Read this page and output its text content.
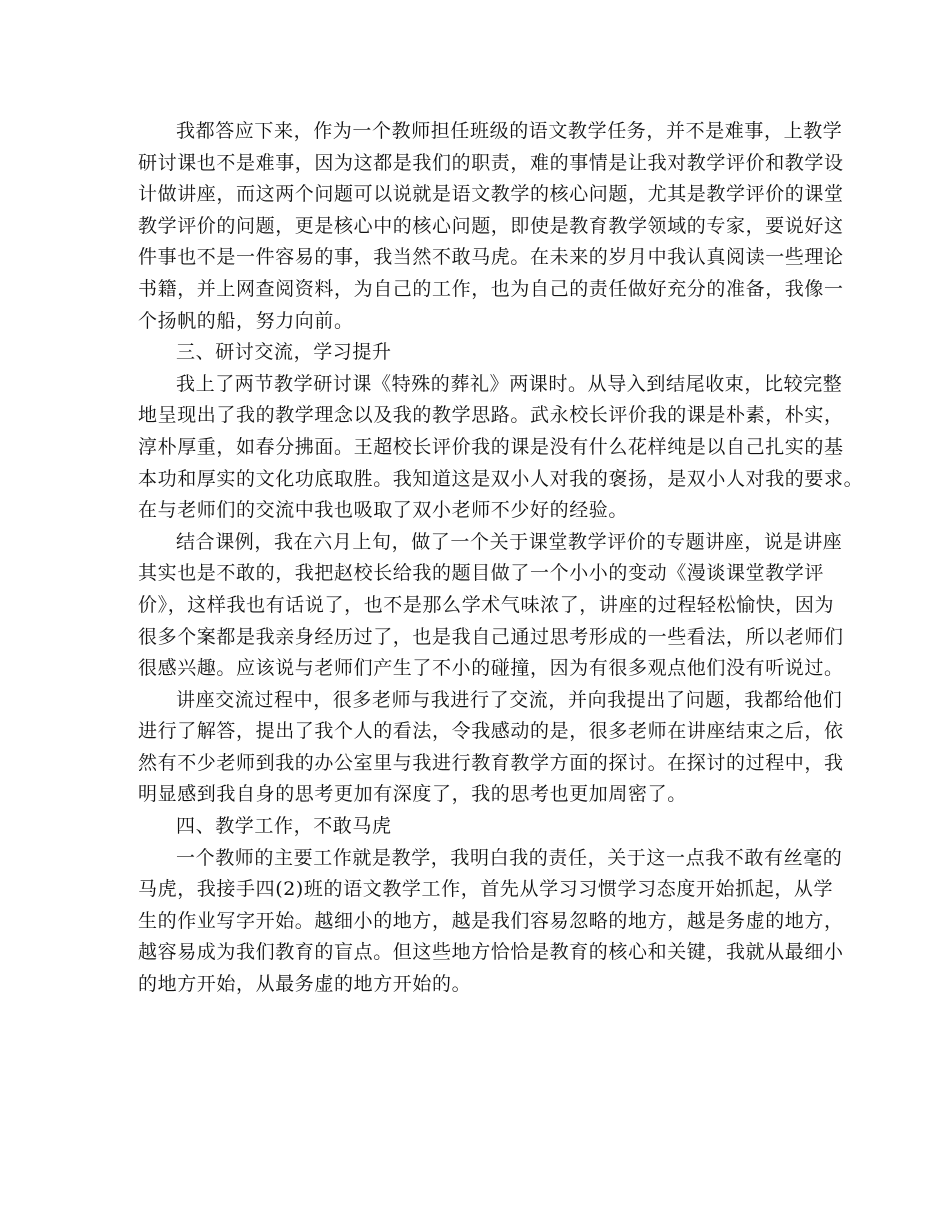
我都答应下来，作为一个教师担任班级的语文教学任务，并不是难事，上教学
研讨课也不是难事，因为这都是我们的职责，难的事情是让我对教学评价和教学设
计做讲座，而这两个问题可以说就是语文教学的核心问题，尤其是教学评价的课堂
教学评价的问题，更是核心中的核心问题，即使是教育教学领域的专家，要说好这
件事也不是一件容易的事，我当然不敢马虎。在未来的岁月中我认真阅读一些理论
书籍，并上网查阅资料，为自己的工作，也为自己的责任做好充分的准备，我像一
个扬帆的船，努力向前。
三、研讨交流，学习提升
我上了两节教学研讨课《特殊的葬礼》两课时。从导入到结尾收束，比较完整
地呈现出了我的教学理念以及我的教学思路。武永校长评价我的课是朴素，朴实，
淳朴厚重，如春分拂面。王超校长评价我的课是没有什么花样纯是以自己扎实的基
本功和厚实的文化功底取胜。我知道这是双小人对我的褒扬，是双小人对我的要求。
在与老师们的交流中我也吸取了双小老师不少好的经验。
结合课例，我在六月上旬，做了一个关于课堂教学评价的专题讲座，说是讲座
其实也是不敢的，我把赵校长给我的题目做了一个小小的变动《漫谈课堂教学评
价》，这样我也有话说了，也不是那么学术气味浓了，讲座的过程轻松愉快，因为
很多个案都是我亲身经历过了，也是我自己通过思考形成的一些看法，所以老师们
很感兴趣。应该说与老师们产生了不小的碰撞，因为有很多观点他们没有听说过。
讲座交流过程中，很多老师与我进行了交流，并向我提出了问题，我都给他们
进行了解答，提出了我个人的看法，令我感动的是，很多老师在讲座结束之后，依
然有不少老师到我的办公室里与我进行教育教学方面的探讨。在探讨的过程中，我
明显感到我自身的思考更加有深度了，我的思考也更加周密了。
四、教学工作，不敢马虎
一个教师的主要工作就是教学，我明白我的责任，关于这一点我不敢有丝毫的
马虎，我接手四(2)班的语文教学工作，首先从学习习惯学习态度开始抓起，从学
生的作业写字开始。越细小的地方，越是我们容易忽略的地方，越是务虚的地方，
越容易成为我们教育的盲点。但这些地方恰恰是教育的核心和关键，我就从最细小
的地方开始，从最务虚的地方开始的。
